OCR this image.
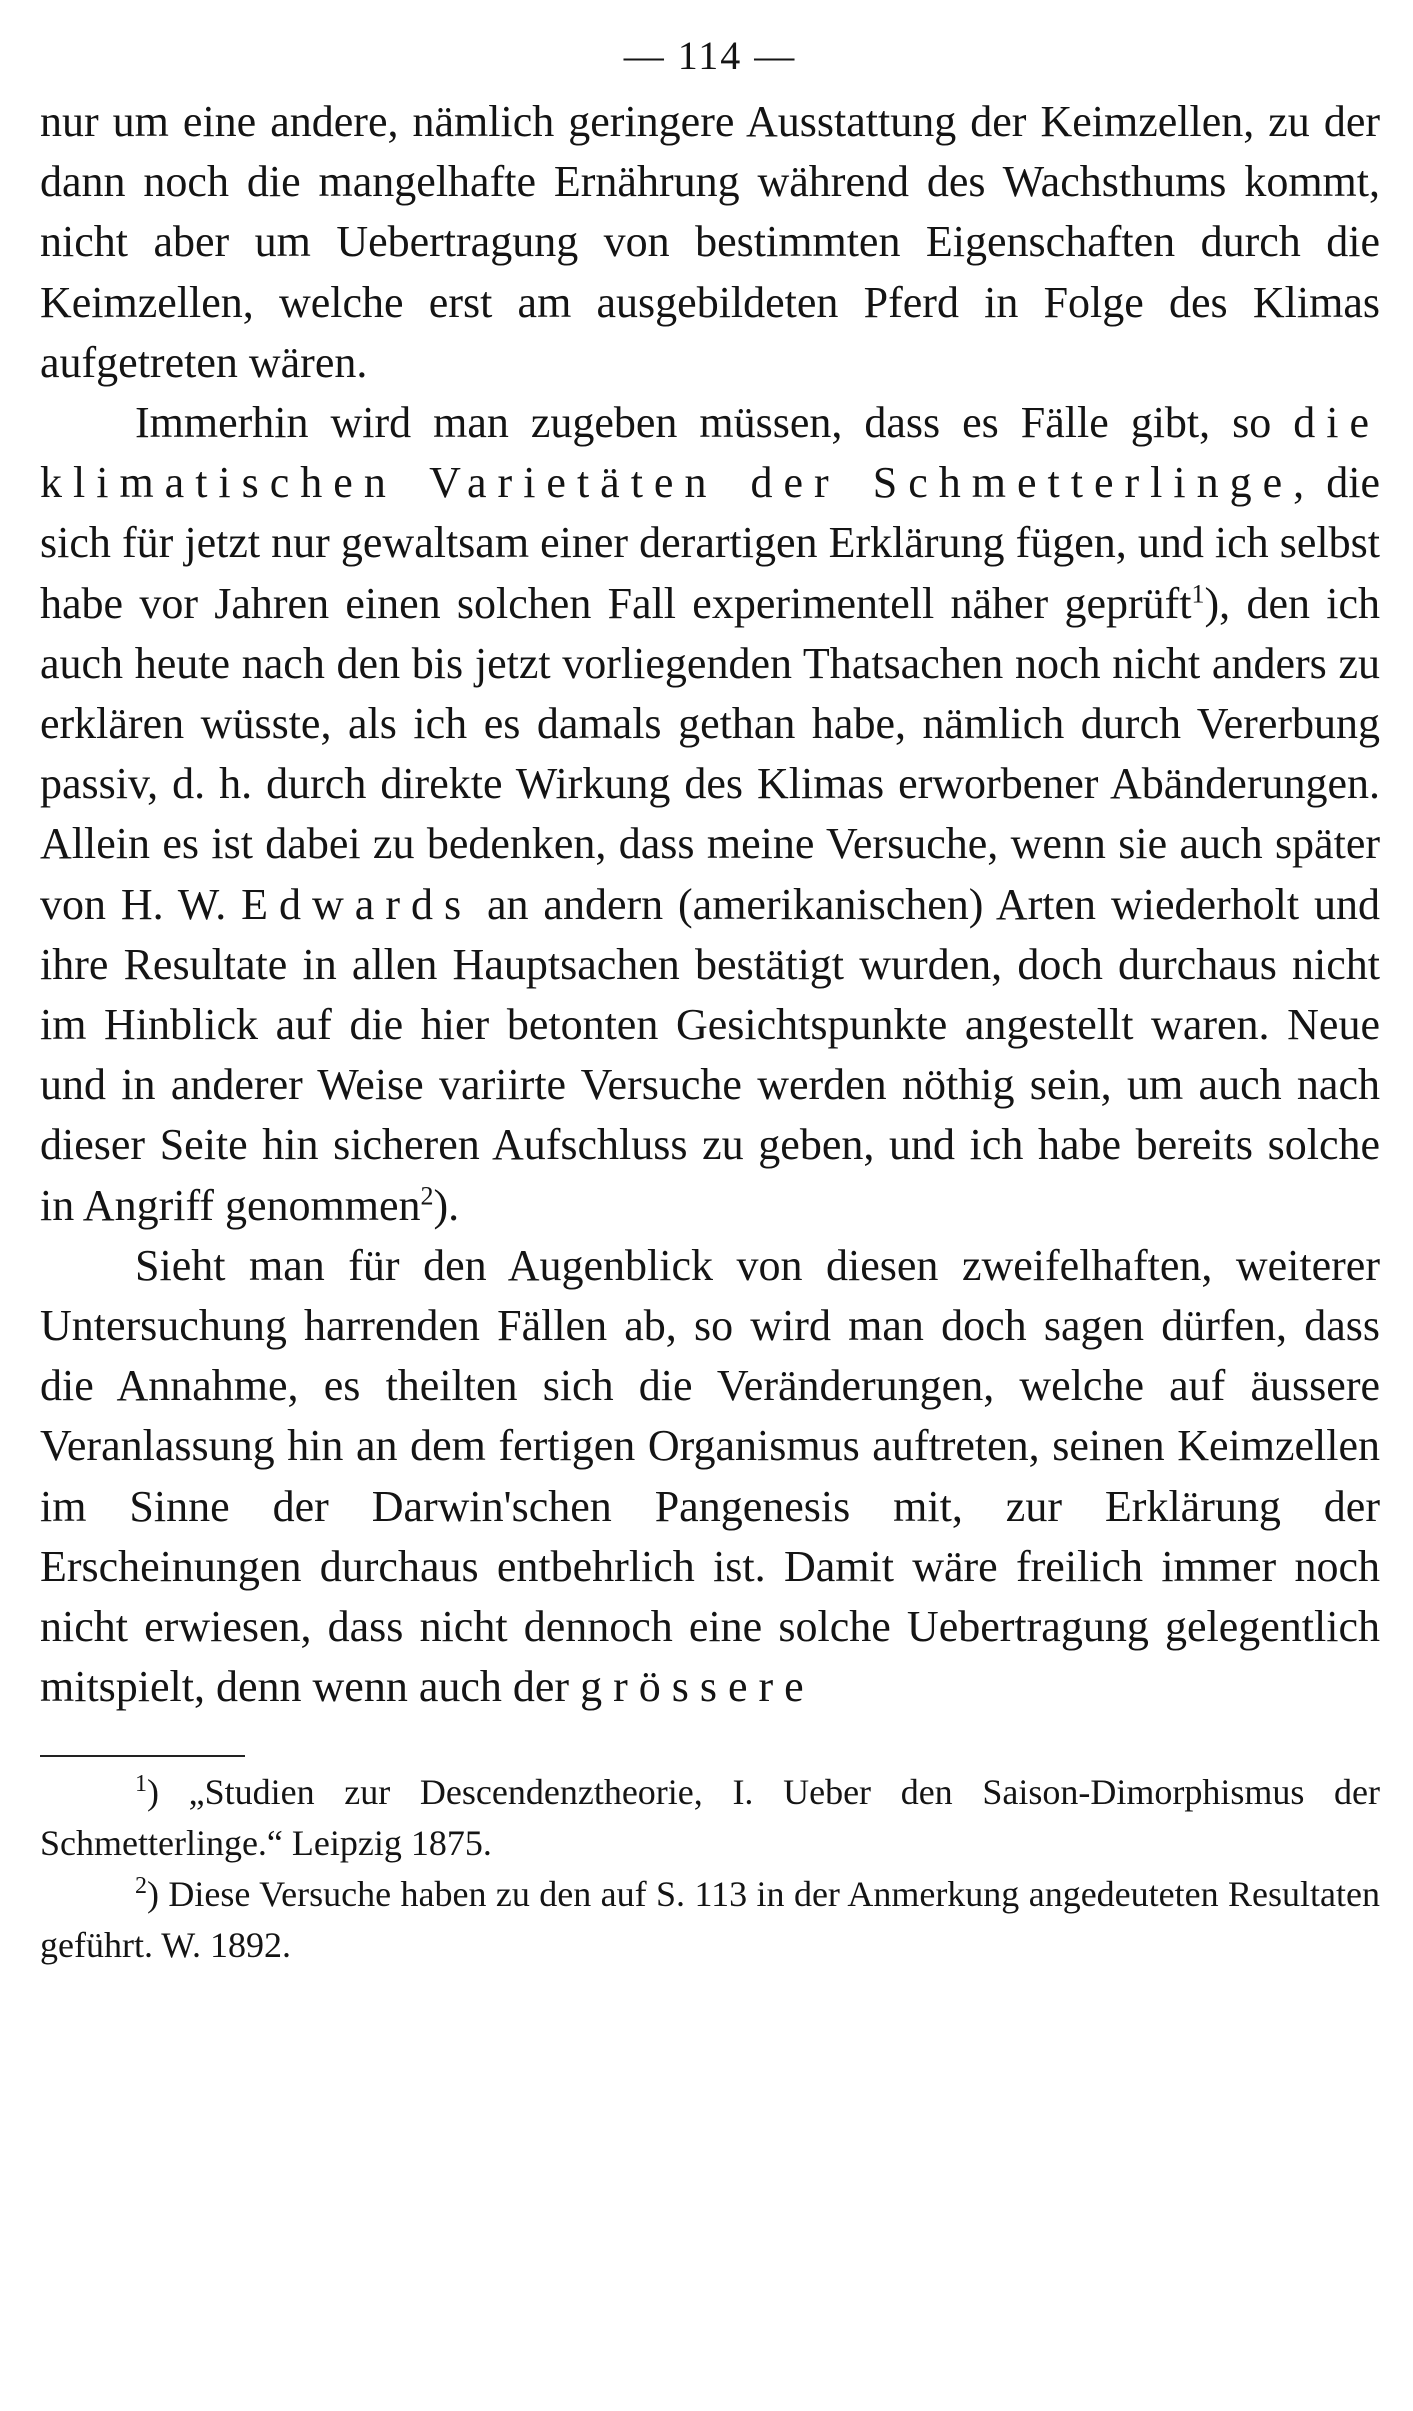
— 114 —

nur um eine andere, nämlich geringere Ausstattung der Keimzellen, zu der dann noch die mangelhafte Ernährung während des Wachsthums kommt, nicht aber um Uebertragung von bestimmten Eigenschaften durch die Keimzellen, welche erst am ausgebildeten Pferd in Folge des Klimas aufgetreten wären.

Immerhin wird man zugeben müssen, dass es Fälle gibt, so die klimatischen Varietäten der Schmetterlinge, die sich für jetzt nur gewaltsam einer derartigen Erklärung fügen, und ich selbst habe vor Jahren einen solchen Fall experimentell näher geprüft$^1$), den ich auch heute nach den bis jetzt vorliegenden Thatsachen noch nicht anders zu erklären wüsste, als ich es damals gethan habe, nämlich durch Vererbung passiv, d. h. durch direkte Wirkung des Klimas erworbener Abänderungen. Allein es ist dabei zu bedenken, dass meine Versuche, wenn sie auch später von H. W. Edwards an andern (amerikanischen) Arten wiederholt und ihre Resultate in allen Hauptsachen bestätigt wurden, doch durchaus nicht im Hinblick auf die hier betonten Gesichtspunkte angestellt waren. Neue und in anderer Weise variirte Versuche werden nöthig sein, um auch nach dieser Seite hin sicheren Aufschluss zu geben, und ich habe bereits solche in Angriff genommen$^2$).

Sieht man für den Augenblick von diesen zweifelhaften, weiterer Untersuchung harrenden Fällen ab, so wird man doch sagen dürfen, dass die Annahme, es theilten sich die Veränderungen, welche auf äussere Veranlassung hin an dem fertigen Organismus auftreten, seinen Keimzellen im Sinne der Darwin'schen Pangenesis mit, zur Erklärung der Erscheinungen durchaus entbehrlich ist. Damit wäre freilich immer noch nicht erwiesen, dass nicht dennoch eine solche Uebertragung gelegentlich mitspielt, denn wenn auch der grössere

$^1$) „Studien zur Descendenztheorie, I. Ueber den Saison-Dimorphismus der Schmetterlinge.“ Leipzig 1875.

$^2$) Diese Versuche haben zu den auf S. 113 in der Anmerkung angedeuteten Resultaten geführt. W. 1892.
